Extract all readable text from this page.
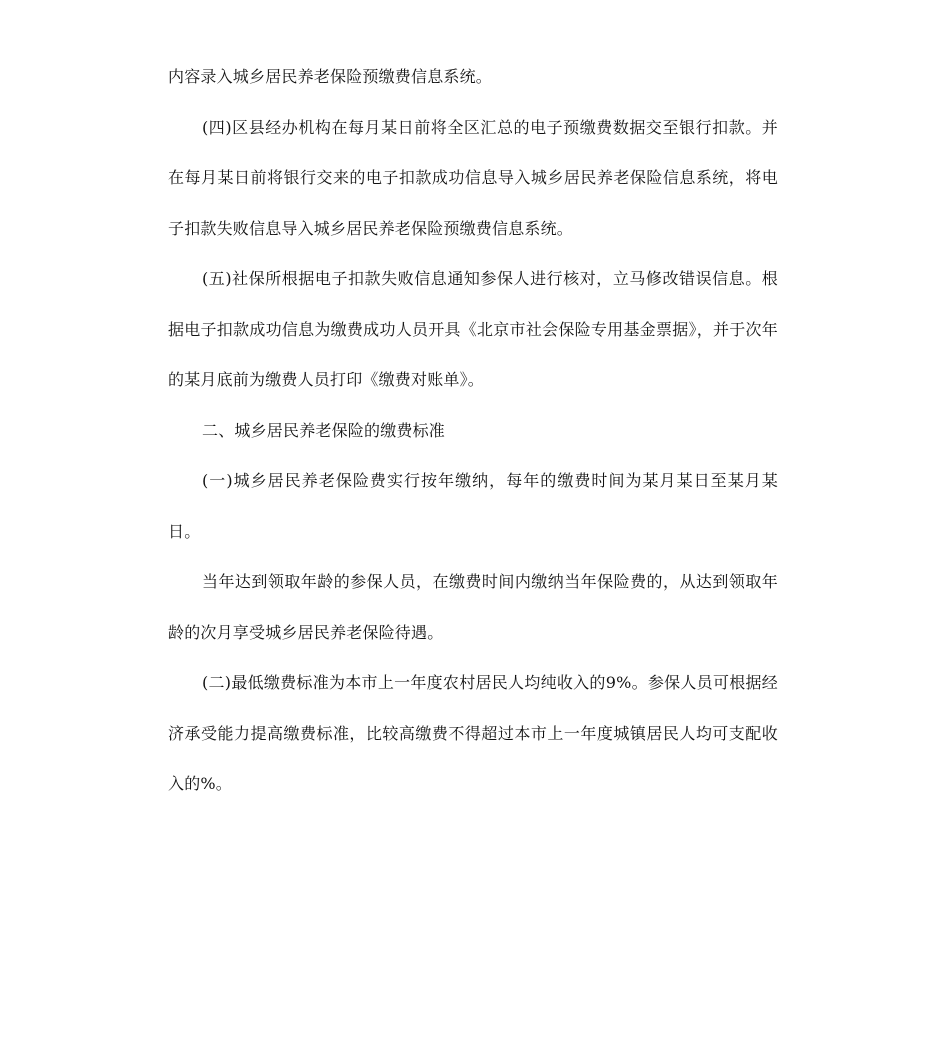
内容录入城乡居民养老保险预缴费信息系统。

(四)区县经办机构在每月某日前将全区汇总的电子预缴费数据交至银行扣款。并在每月某日前将银行交来的电子扣款成功信息导入城乡居民养老保险信息系统，将电子扣款失败信息导入城乡居民养老保险预缴费信息系统。

(五)社保所根据电子扣款失败信息通知参保人进行核对，立马修改错误信息。根据电子扣款成功信息为缴费成功人员开具《北京市社会保险专用基金票据》，并于次年的某月底前为缴费人员打印《缴费对账单》。

二、城乡居民养老保险的缴费标准

(一)城乡居民养老保险费实行按年缴纳，每年的缴费时间为某月某日至某月某日。

当年达到领取年龄的参保人员，在缴费时间内缴纳当年保险费的，从达到领取年龄的次月享受城乡居民养老保险待遇。

(二)最低缴费标准为本市上一年度农村居民人均纯收入的9%。参保人员可根据经济承受能力提高缴费标准，比较高缴费不得超过本市上一年度城镇居民人均可支配收入的%。
